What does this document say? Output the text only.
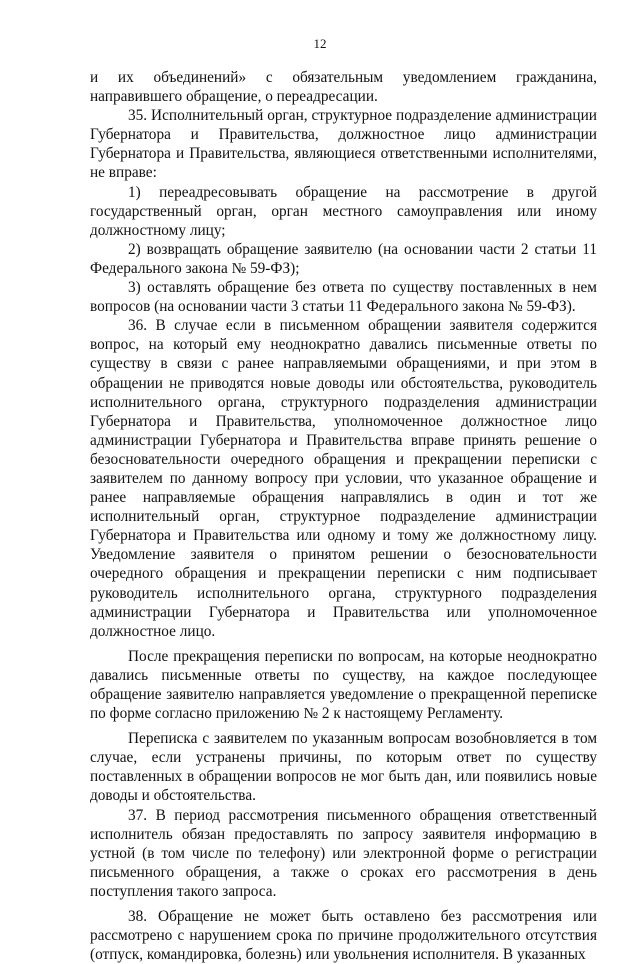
12

и их объединений» с обязательным уведомлением гражданина, направившего обращение, о переадресации.

35. Исполнительный орган, структурное подразделение администрации Губернатора и Правительства, должностное лицо администрации Губернатора и Правительства, являющиеся ответственными исполнителями, не вправе:

1) переадресовывать обращение на рассмотрение в другой государственный орган, орган местного самоуправления или иному должностному лицу;

2) возвращать обращение заявителю (на основании части 2 статьи 11 Федерального закона № 59-ФЗ);

3) оставлять обращение без ответа по существу поставленных в нем вопросов (на основании части 3 статьи 11 Федерального закона № 59-ФЗ).

36. В случае если в письменном обращении заявителя содержится вопрос, на который ему неоднократно давались письменные ответы по существу в связи с ранее направляемыми обращениями, и при этом в обращении не приводятся новые доводы или обстоятельства, руководитель исполнительного органа, структурного подразделения администрации Губернатора и Правительства, уполномоченное должностное лицо администрации Губернатора и Правительства вправе принять решение о безосновательности очередного обращения и прекращении переписки с заявителем по данному вопросу при условии, что указанное обращение и ранее направляемые обращения направлялись в один и тот же исполнительный орган, структурное подразделение администрации Губернатора и Правительства или одному и тому же должностному лицу. Уведомление заявителя о принятом решении о безосновательности очередного обращения и прекращении переписки с ним подписывает руководитель исполнительного органа, структурного подразделения администрации Губернатора и Правительства или уполномоченное должностное лицо.

После прекращения переписки по вопросам, на которые неоднократно давались письменные ответы по существу, на каждое последующее обращение заявителю направляется уведомление о прекращенной переписке по форме согласно приложению № 2 к настоящему Регламенту.

Переписка с заявителем по указанным вопросам возобновляется в том случае, если устранены причины, по которым ответ по существу поставленных в обращении вопросов не мог быть дан, или появились новые доводы и обстоятельства.

37. В период рассмотрения письменного обращения ответственный исполнитель обязан предоставлять по запросу заявителя информацию в устной (в том числе по телефону) или электронной форме о регистрации письменного обращения, а также о сроках его рассмотрения в день поступления такого запроса.

38. Обращение не может быть оставлено без рассмотрения или рассмотрено с нарушением срока по причине продолжительного отсутствия (отпуск, командировка, болезнь) или увольнения исполнителя. В указанных
